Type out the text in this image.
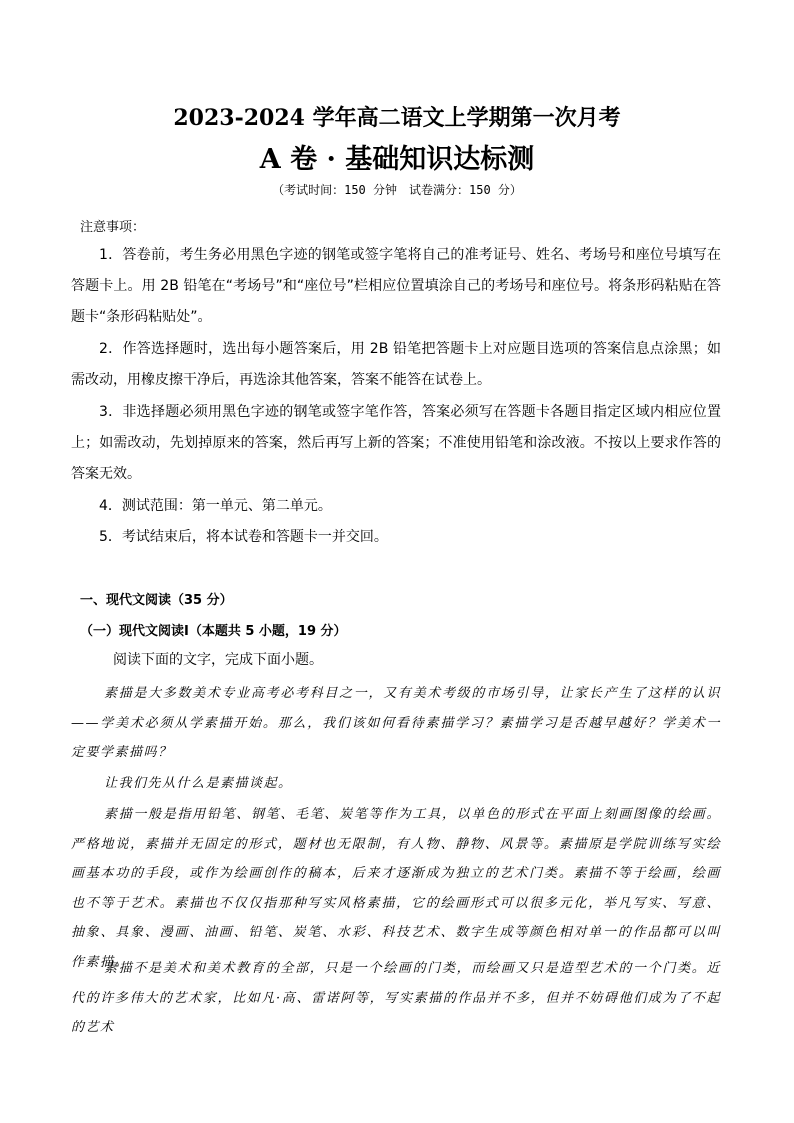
2023-2024 学年高二语文上学期第一次月考
A 卷 · 基础知识达标测
（考试时间：150 分钟　试卷满分：150 分）
注意事项：

1．答卷前，考生务必用黑色字迹的钢笔或签字笔将自己的准考证号、姓名、考场号和座位号填写在答题卡上。用 2B 铅笔在“考场号”和“座位号”栏相应位置填涂自己的考场号和座位号。将条形码粘贴在答题卡“条形码粘贴处”。

2．作答选择题时，选出每小题答案后，用 2B 铅笔把答题卡上对应题目选项的答案信息点涂黑；如需改动，用橡皮擦干净后，再选涂其他答案，答案不能答在试卷上。

3．非选择题必须用黑色字迹的钢笔或签字笔作答，答案必须写在答题卡各题目指定区域内相应位置上；如需改动，先划掉原来的答案，然后再写上新的答案；不准使用铅笔和涂改液。不按以上要求作答的答案无效。

4．测试范围：第一单元、第二单元。

5．考试结束后，将本试卷和答题卡一并交回。

一、现代文阅读（35 分）
（一）现代文阅读Ⅰ（本题共 5 小题，19 分）
阅读下面的文字，完成下面小题。

素描是大多数美术专业高考必考科目之一，又有美术考级的市场引导，让家长产生了这样的认识——学美术必须从学素描开始。那么，我们该如何看待素描学习？素描学习是否越早越好？学美术一定要学素描吗？

让我们先从什么是素描谈起。

素描一般是指用铅笔、钢笔、毛笔、炭笔等作为工具，以单色的形式在平面上刻画图像的绘画。严格地说，素描并无固定的形式，题材也无限制，有人物、静物、风景等。素描原是学院训练写实绘画基本功的手段，或作为绘画创作的稿本，后来才逐渐成为独立的艺术门类。素描不等于绘画，绘画也不等于艺术。素描也不仅仅指那种写实风格素描，它的绘画形式可以很多元化，举凡写实、写意、抽象、具象、漫画、油画、铅笔、炭笔、水彩、科技艺术、数字生成等颜色相对单一的作品都可以叫作素描。

素描不是美术和美术教育的全部，只是一个绘画的门类，而绘画又只是造型艺术的一个门类。近代的许多伟大的艺术家，比如凡·高、雷诺阿等，写实素描的作品并不多，但并不妨碍他们成为了不起的艺术
